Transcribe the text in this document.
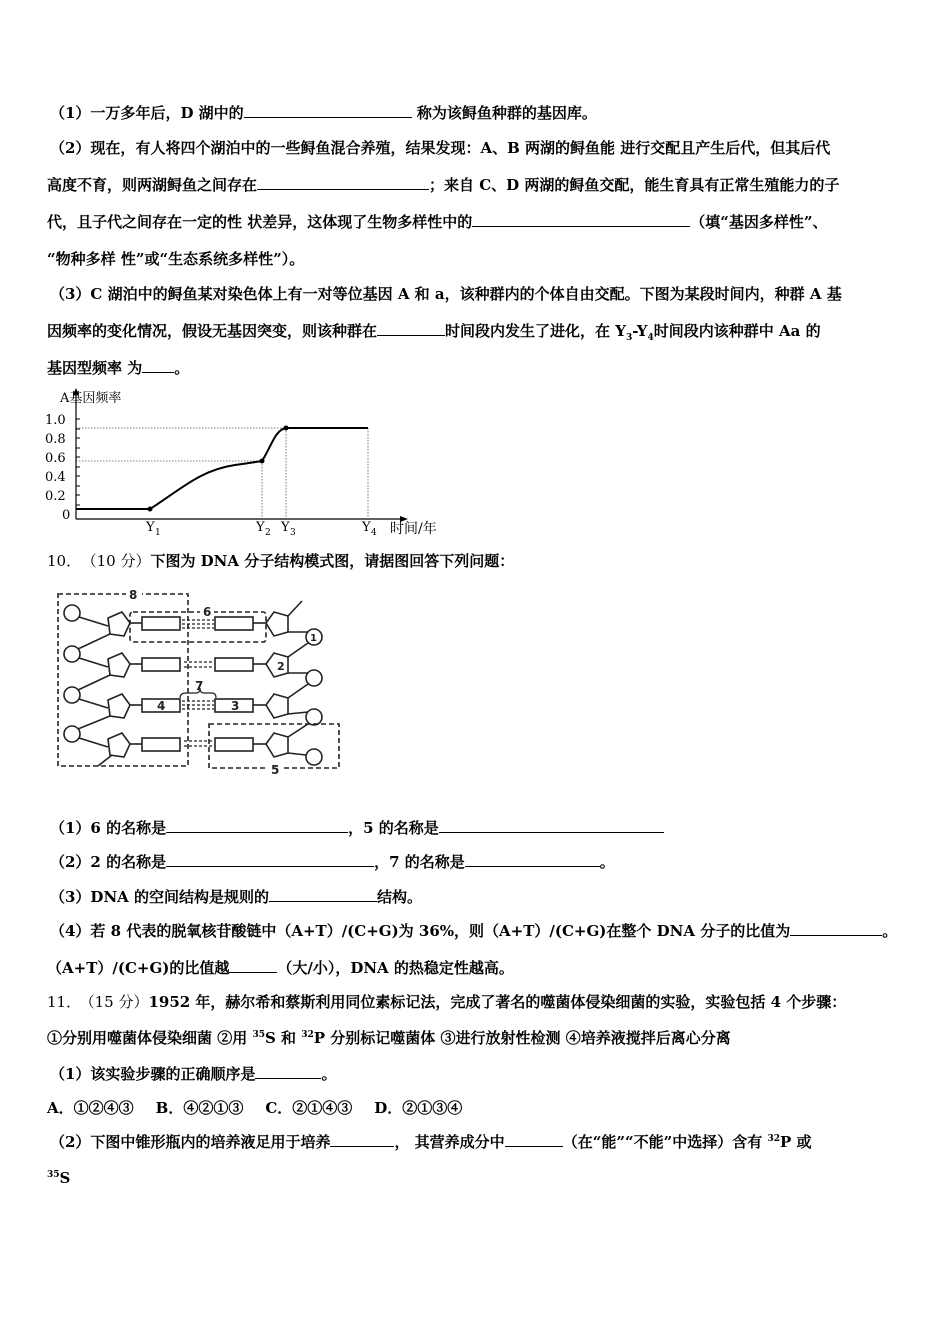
（1）一万多年后，D 湖中的	称为该鲟鱼种群的基因库。
（2）现在，有人将四个湖泊中的一些鲟鱼混合养殖，结果发现：A、B 两湖的鲟鱼能 进行交配且产生后代，但其后代
高度不育，则两湖鲟鱼之间存在	；来自 C、D 两湖的鲟鱼交配，能生育具有正常生殖能力的子
代，且子代之间存在一定的性 状差异，这体现了生物多样性中的	（填“基因多样性”、
“物种多样 性”或“生态系统多样性”）。
（3）C 湖泊中的鲟鱼某对染色体上有一对等位基因 A 和 a，该种群内的个体自由交配。下图为某段时间内，种群 A 基
因频率的变化情况，假设无基因突变，则该种群在	时间段内发生了进化，在 $Y_3-Y_4$时间段内该种群中 Aa 的
基因型频率 为 。
A基因频率
1.0
0.8
0.6
0.4
0.2
0
Y 1	Y 2 Y 3	Y 4 时间/年
10． （10 分）下图为 DNA 分子结构模式图，请据图回答下列问题：
8
6
7
4	3
2
1
5
（1）6 的名称是	，5 的名称是
（2）2 的名称是	，7 的名称是	。
（3）DNA 的空间结构是规则的	结构。
（4）若 8 代表的脱氧核苷酸链中（A+T）/(C+G)为 36%，则（A+T）/(C+G)在整个 DNA 分子的比值为	。
（A+T）/(C+G)的比值越	（大/小），DNA 的热稳定性越高。
11． （15 分）1952 年，赫尔希和蔡斯利用同位素标记法，完成了著名的噬菌体侵染细菌的实验，实验包括 4 个步骤：
①分别用噬菌体侵染细菌 ②用 $^{35}$S 和 $^{32}$P 分别标记噬菌体 ③进行放射性检测 ④培养液搅拌后离心分离
（1）该实验步骤的正确顺序是	。
A．①②④③ B．④②①③ C．②①④③ D．②①③④
（2）下图中锥形瓶内的培养液足用于培养	， 其营养成分中	（在“能”“不能”中选择）含有 $^{32}$P 或
$^{35}$S
